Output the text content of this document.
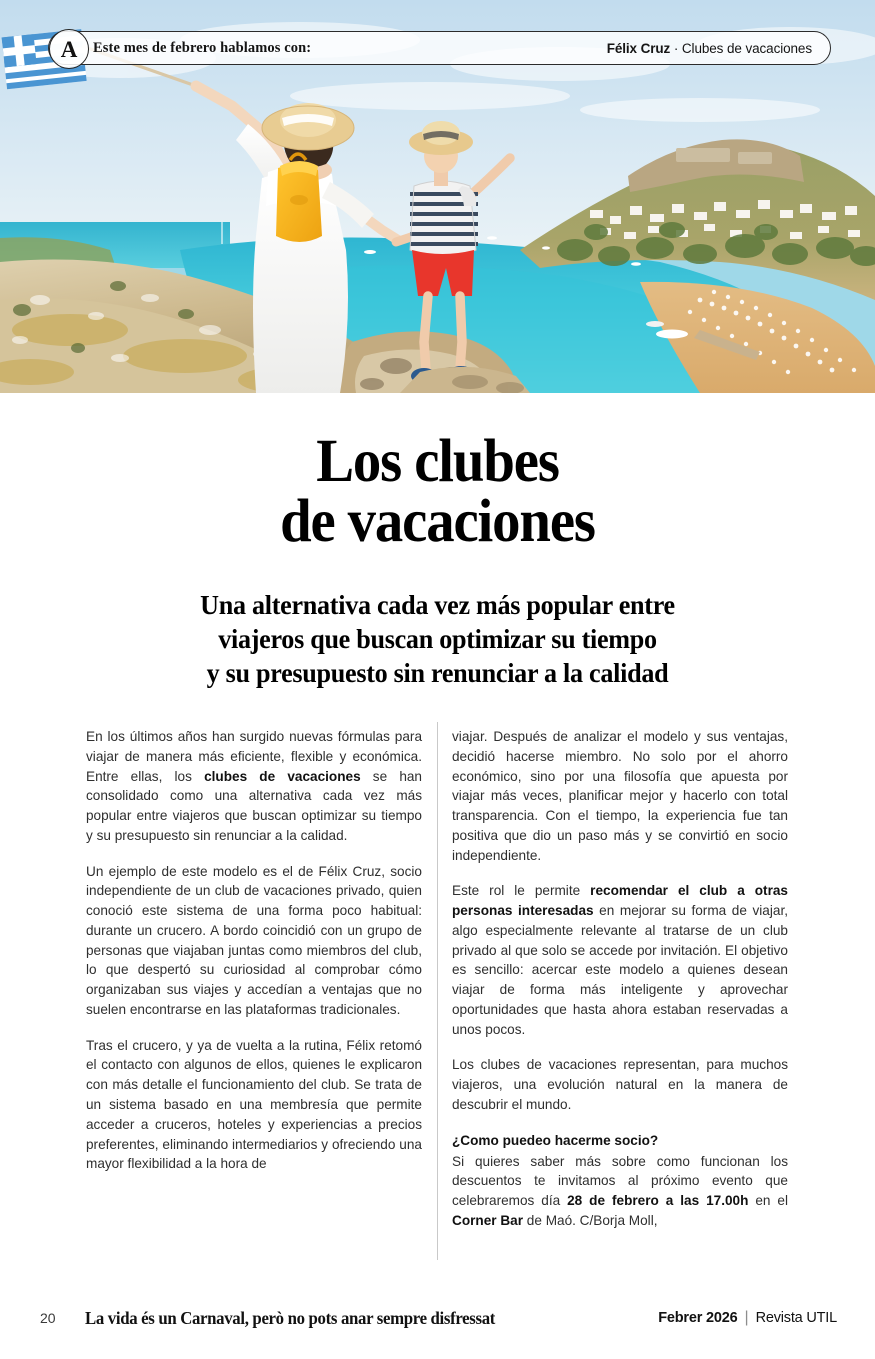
Este mes de febrero hablamos con:	Félix Cruz · Clubes de vacaciones
A
Los clubes
de vacaciones
Una alternativa cada vez más popular entre
viajeros que buscan optimizar su tiempo
y su presupuesto sin renunciar a la calidad

En los últimos años han surgido nuevas fórmulas para viajar de manera más eficiente, flexible y económica. Entre ellas, los clubes de vacaciones se han consolidado como una alternativa cada vez más popular entre viajeros que buscan optimizar su tiempo y su presupuesto sin renunciar a la calidad.

Un ejemplo de este modelo es el de Félix Cruz, socio independiente de un club de vacaciones privado, quien conoció este sistema de una forma poco habitual: durante un crucero. A bordo coincidió con un grupo de personas que viajaban juntas como miembros del club, lo que despertó su curiosidad al comprobar cómo organizaban sus viajes y accedían a ventajas que no suelen encontrarse en las plataformas tradicionales.

Tras el crucero, y ya de vuelta a la rutina, Félix retomó el contacto con algunos de ellos, quienes le explicaron con más detalle el funcionamiento del club. Se trata de un sistema basado en una membresía que permite acceder a cruceros, hoteles y experiencias a precios preferentes, eliminando intermediarios y ofreciendo una mayor flexibilidad a la hora de

viajar. Después de analizar el modelo y sus ventajas, decidió hacerse miembro. No solo por el ahorro económico, sino por una filosofía que apuesta por viajar más veces, planificar mejor y hacerlo con total transparencia. Con el tiempo, la experiencia fue tan positiva que dio un paso más y se convirtió en socio independiente.

Este rol le permite recomendar el club a otras personas interesadas en mejorar su forma de viajar, algo especialmente relevante al tratarse de un club privado al que solo se accede por invitación. El objetivo es sencillo: acercar este modelo a quienes desean viajar de forma más inteligente y aprovechar oportunidades que hasta ahora estaban reservadas a unos pocos.

Los clubes de vacaciones representan, para muchos viajeros, una evolución natural en la manera de descubrir el mundo.

¿Como puedeo hacerme socio?

Si quieres saber más sobre como funcionan los descuentos te invitamos al próximo evento que celebraremos día 28 de febrero a las 17.00h en el Corner Bar de Maó. C/Borja Moll,

20 La vida és un Carnaval, però no pots anar sempre disfressat	Febrer 2026 | Revista UTIL
